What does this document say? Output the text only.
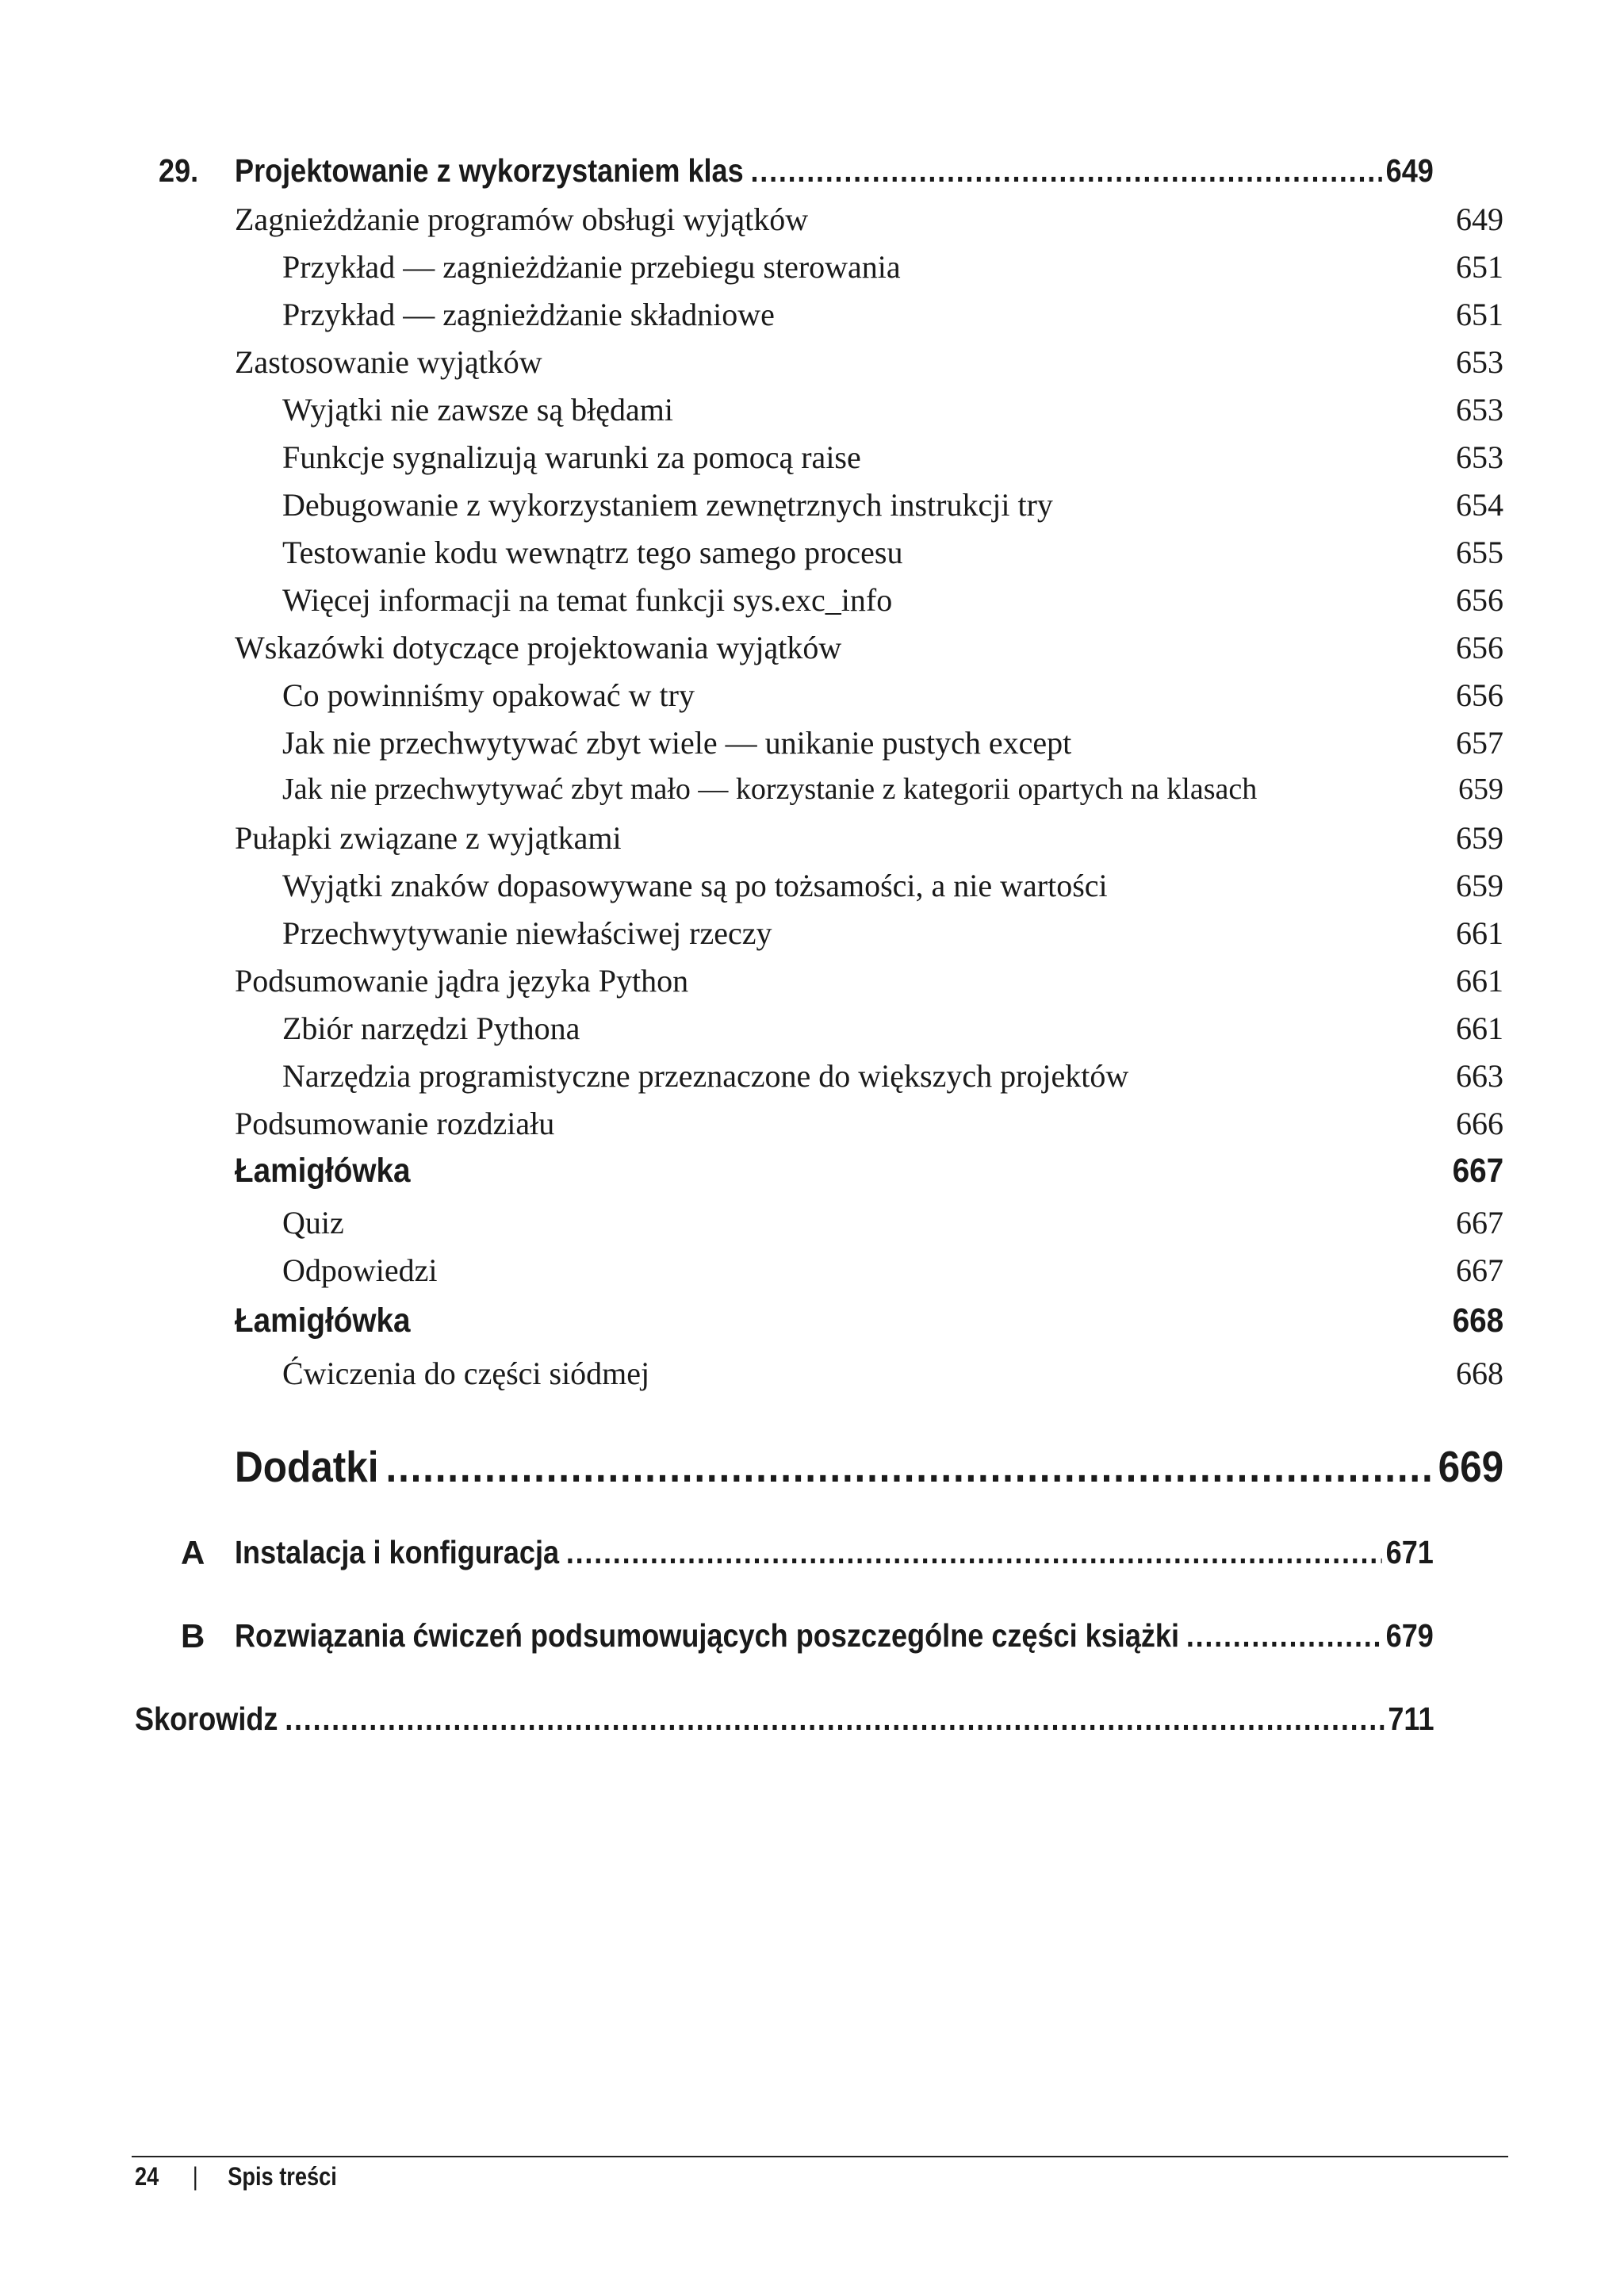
29. Projektowanie z wykorzystaniem klas .....	649
Zagnieżdżanie programów obsługi wyjątków	649
Przykład — zagnieżdżanie przebiegu sterowania	651
Przykład — zagnieżdżanie składniowe	651
Zastosowanie wyjątków	653
Wyjątki nie zawsze są błędami	653
Funkcje sygnalizują warunki za pomocą raise	653
Debugowanie z wykorzystaniem zewnętrznych instrukcji try	654
Testowanie kodu wewnątrz tego samego procesu	655
Więcej informacji na temat funkcji sys.exc_info	656
Wskazówki dotyczące projektowania wyjątków	656
Co powinniśmy opakować w try	656
Jak nie przechwytywać zbyt wiele — unikanie pustych except	657
Jak nie przechwytywać zbyt mało — korzystanie z kategorii opartych na klasach	659
Pułapki związane z wyjątkami	659
Wyjątki znaków dopasowywane są po tożsamości, a nie wartości	659
Przechwytywanie niewłaściwej rzeczy	661
Podsumowanie jądra języka Python	661
Zbiór narzędzi Pythona	661
Narzędzia programistyczne przeznaczone do większych projektów	663
Podsumowanie rozdziału	666
Łamigłówka	667
Quiz	667
Odpowiedzi	667
Łamigłówka	668
Ćwiczenia do części siódmej	668
Dodatki .....	669
A Instalacja i konfiguracja .....	671
B Rozwiązania ćwiczeń podsumowujących poszczególne części książki .....	679
Skorowidz .....	711
24 | Spis treści
